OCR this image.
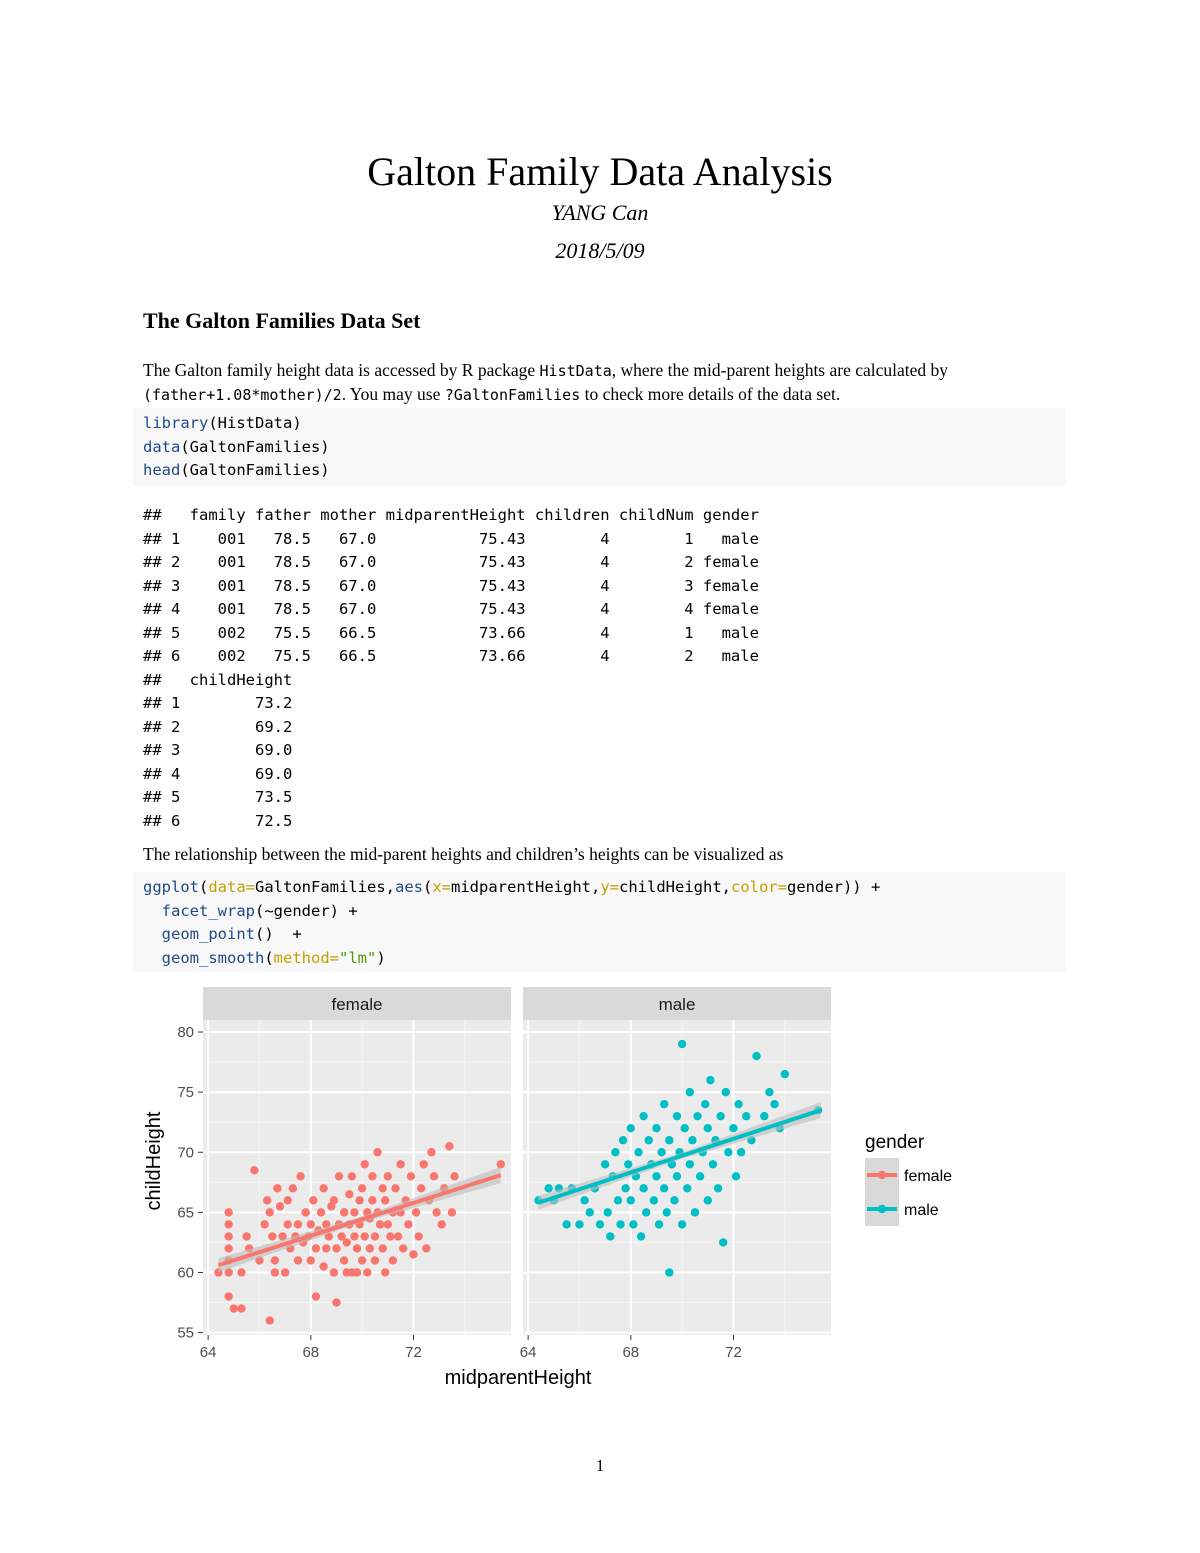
Galton Family Data Analysis
YANG Can
2018/5/09
The Galton Families Data Set
The Galton family height data is accessed by R package HistData, where the mid-parent heights are calculated by (father+1.08*mother)/2. You may use ?GaltonFamilies to check more details of the data set.
library(HistData)
data(GaltonFamilies)
head(GaltonFamilies)
##   family father mother midparentHeight children childNum gender
## 1    001   78.5   67.0           75.43        4        1   male
## 2    001   78.5   67.0           75.43        4        2 female
## 3    001   78.5   67.0           75.43        4        3 female
## 4    001   78.5   67.0           75.43        4        4 female
## 5    002   75.5   66.5           73.66        4        1   male
## 6    002   75.5   66.5           73.66        4        2   male
##   childHeight
## 1        73.2
## 2        69.2
## 3        69.0
## 4        69.0
## 5        73.5
## 6        72.5
The relationship between the mid-parent heights and children’s heights can be visualized as
ggplot(data=GaltonFamilies,aes(x=midparentHeight,y=childHeight,color=gender)) +
facet_wrap(~gender) +
geom_point()  +
geom_smooth(method="lm")
female	male
64	68	72	64	68	72
55
60
65
70
75
80
midparentHeight
childHeight	gender
female
male
1
